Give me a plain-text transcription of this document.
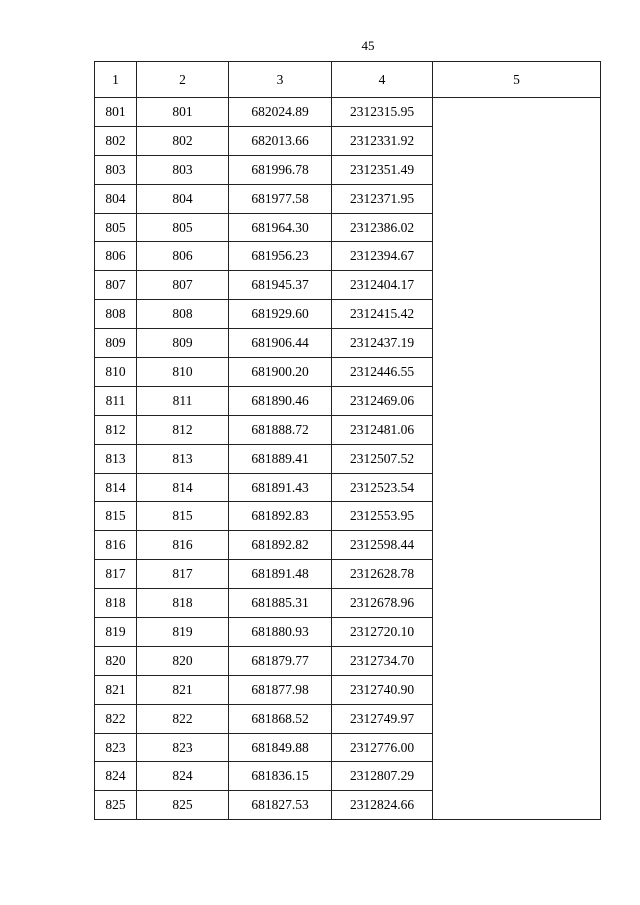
45
1	2	3	4	5
801	801	682024.89	2312315.95	
802	802	682013.66	2312331.92	
803	803	681996.78	2312351.49	
804	804	681977.58	2312371.95	
805	805	681964.30	2312386.02	
806	806	681956.23	2312394.67	
807	807	681945.37	2312404.17	
808	808	681929.60	2312415.42	
809	809	681906.44	2312437.19	
810	810	681900.20	2312446.55	
811	811	681890.46	2312469.06	
812	812	681888.72	2312481.06	
813	813	681889.41	2312507.52	
814	814	681891.43	2312523.54	
815	815	681892.83	2312553.95	
816	816	681892.82	2312598.44	
817	817	681891.48	2312628.78	
818	818	681885.31	2312678.96	
819	819	681880.93	2312720.10	
820	820	681879.77	2312734.70	
821	821	681877.98	2312740.90	
822	822	681868.52	2312749.97	
823	823	681849.88	2312776.00	
824	824	681836.15	2312807.29	
825	825	681827.53	2312824.66	
